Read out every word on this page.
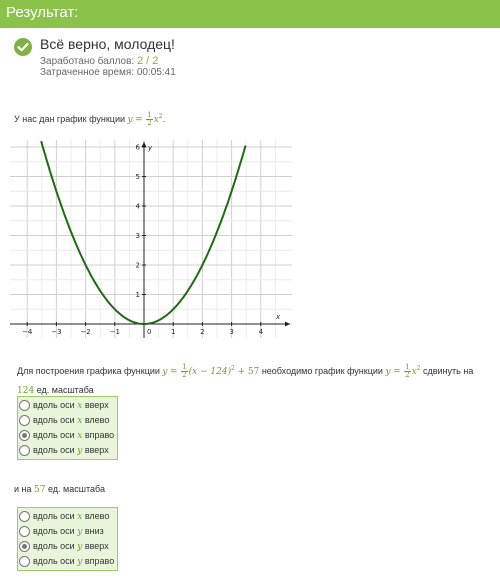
Результат:
Всё верно, молодец!
Заработано баллов: 2 / 2
Затраченное время: 00:05:41
У нас дан график функции $y = \frac{1}{2} x^2$.
x
y
−4	−3	−2	−1	0	1	2	3	4
1
2
3
4
5
6
Для построения графика функции $y = \frac{1}{2} (x - 124)^2 + 57$ необходимо график функции $y = \frac{1}{2} x^2$ сдвинуть на
124 ед. масштаба
вдоль оси x вверх
вдоль оси x влево
вдоль оси x вправо
вдоль оси y вверх
и на 57 ед. масштаба
вдоль оси x влево
вдоль оси y вниз
вдоль оси y вверх
вдоль оси y вправо
